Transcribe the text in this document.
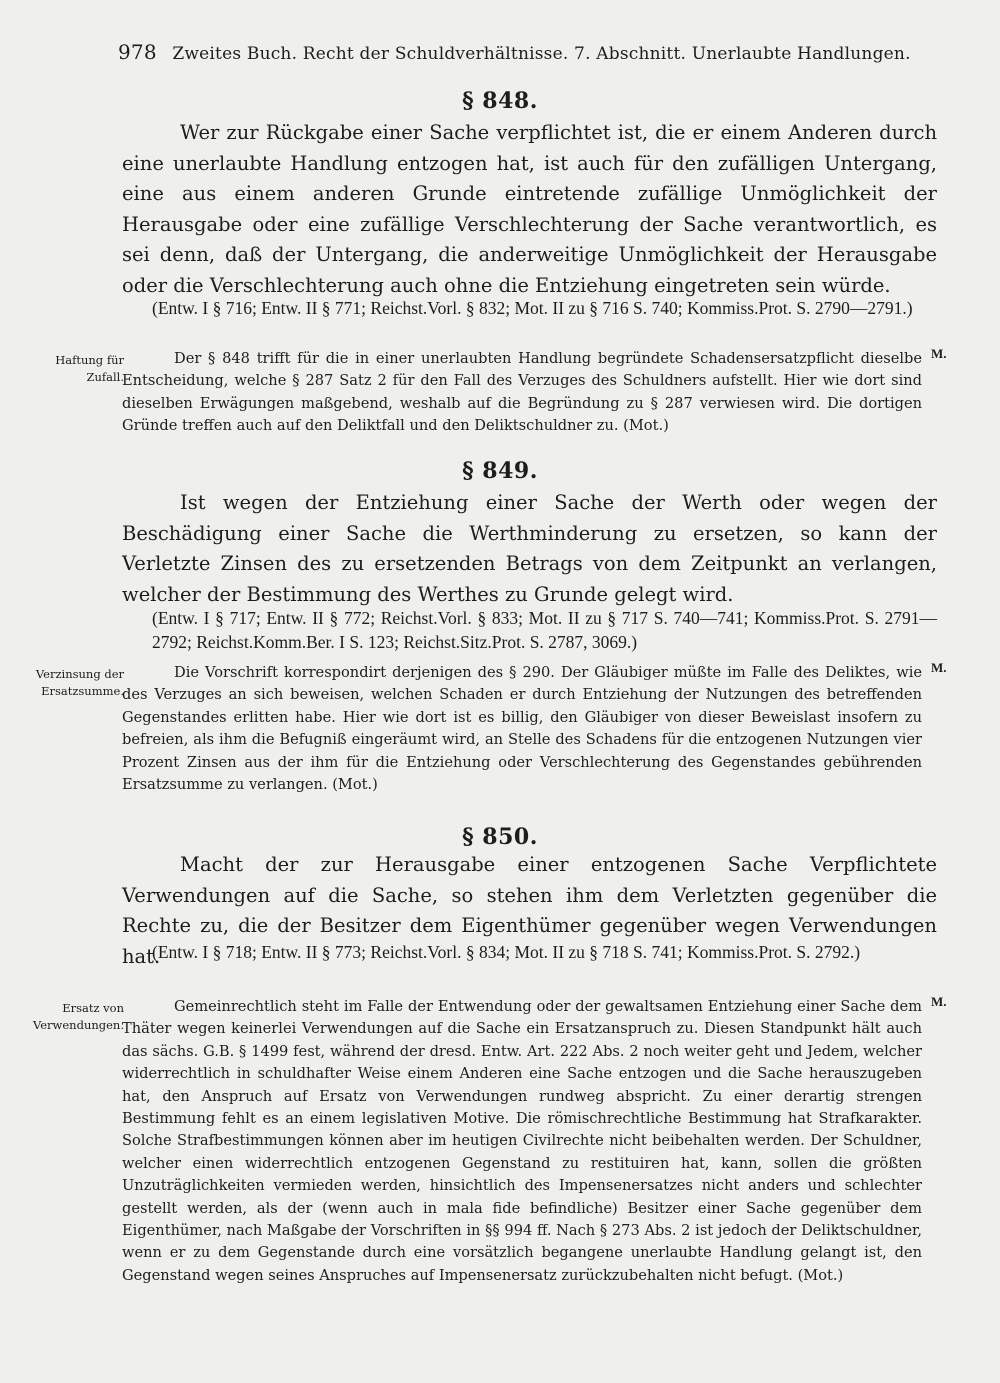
978 Zweites Buch. Recht der Schuldverhältnisse. 7. Abschnitt. Unerlaubte Handlungen.
§ 848.

Wer zur Rückgabe einer Sache verpflichtet ist, die er einem Anderen durch eine unerlaubte Handlung entzogen hat, ist auch für den zufälligen Untergang, eine aus einem anderen Grunde eintretende zufällige Unmöglichkeit der Herausgabe oder eine zufällige Verschlechterung der Sache verantwortlich, es sei denn, daß der Untergang, die anderweitige Unmöglichkeit der Herausgabe oder die Verschlechterung auch ohne die Entziehung eingetreten sein würde.

(Entw. I § 716; Entw. II § 771; Reichst.Vorl. § 832; Mot. II zu § 716 S. 740; Kommiss.Prot. S. 2790—2791.)
Haftung für Zufall.
M.

Der § 848 trifft für die in einer unerlaubten Handlung begründete Schadensersatzpflicht dieselbe Entscheidung, welche § 287 Satz 2 für den Fall des Verzuges des Schuldners aufstellt. Hier wie dort sind dieselben Erwägungen maßgebend, weshalb auf die Begründung zu § 287 verwiesen wird. Die dortigen Gründe treffen auch auf den Deliktfall und den Deliktschuldner zu. (Mot.)

§ 849.

Ist wegen der Entziehung einer Sache der Werth oder wegen der Beschädigung einer Sache die Werthminderung zu ersetzen, so kann der Verletzte Zinsen des zu ersetzenden Betrags von dem Zeitpunkt an verlangen, welcher der Bestimmung des Werthes zu Grunde gelegt wird.

(Entw. I § 717; Entw. II § 772; Reichst.Vorl. § 833; Mot. II zu § 717 S. 740—741; Kommiss.Prot. S. 2791—2792; Reichst.Komm.Ber. I S. 123; Reichst.Sitz.Prot. S. 2787, 3069.)
Verzinsung der Ersatzsumme.
M.

Die Vorschrift korrespondirt derjenigen des § 290. Der Gläubiger müßte im Falle des Deliktes, wie des Verzuges an sich beweisen, welchen Schaden er durch Entziehung der Nutzungen des betreffenden Gegenstandes erlitten habe. Hier wie dort ist es billig, den Gläubiger von dieser Beweislast insofern zu befreien, als ihm die Befugniß eingeräumt wird, an Stelle des Schadens für die entzogenen Nutzungen vier Prozent Zinsen aus der ihm für die Entziehung oder Verschlechterung des Gegenstandes gebührenden Ersatzsumme zu verlangen. (Mot.)

§ 850.

Macht der zur Herausgabe einer entzogenen Sache Verpflichtete Verwendungen auf die Sache, so stehen ihm dem Verletzten gegenüber die Rechte zu, die der Besitzer dem Eigenthümer gegenüber wegen Verwendungen hat.

(Entw. I § 718; Entw. II § 773; Reichst.Vorl. § 834; Mot. II zu § 718 S. 741; Kommiss.Prot. S. 2792.)
Ersatz von Verwendungen.
M.

Gemeinrechtlich steht im Falle der Entwendung oder der gewaltsamen Entziehung einer Sache dem Thäter wegen keinerlei Verwendungen auf die Sache ein Ersatzanspruch zu. Diesen Standpunkt hält auch das sächs. G.B. § 1499 fest, während der dresd. Entw. Art. 222 Abs. 2 noch weiter geht und Jedem, welcher widerrechtlich in schuldhafter Weise einem Anderen eine Sache entzogen und die Sache herauszugeben hat, den Anspruch auf Ersatz von Verwendungen rundweg abspricht. Zu einer derartig strengen Bestimmung fehlt es an einem legislativen Motive. Die römischrechtliche Bestimmung hat Strafkarakter. Solche Strafbestimmungen können aber im heutigen Civilrechte nicht beibehalten werden. Der Schuldner, welcher einen widerrechtlich entzogenen Gegenstand zu restituiren hat, kann, sollen die größten Unzuträglichkeiten vermieden werden, hinsichtlich des Impensenersatzes nicht anders und schlechter gestellt werden, als der (wenn auch in mala fide befindliche) Besitzer einer Sache gegenüber dem Eigenthümer, nach Maßgabe der Vorschriften in §§ 994 ff. Nach § 273 Abs. 2 ist jedoch der Deliktschuldner, wenn er zu dem Gegenstande durch eine vorsätzlich begangene unerlaubte Handlung gelangt ist, den Gegenstand wegen seines Anspruches auf Impensenersatz zurückzubehalten nicht befugt. (Mot.)
